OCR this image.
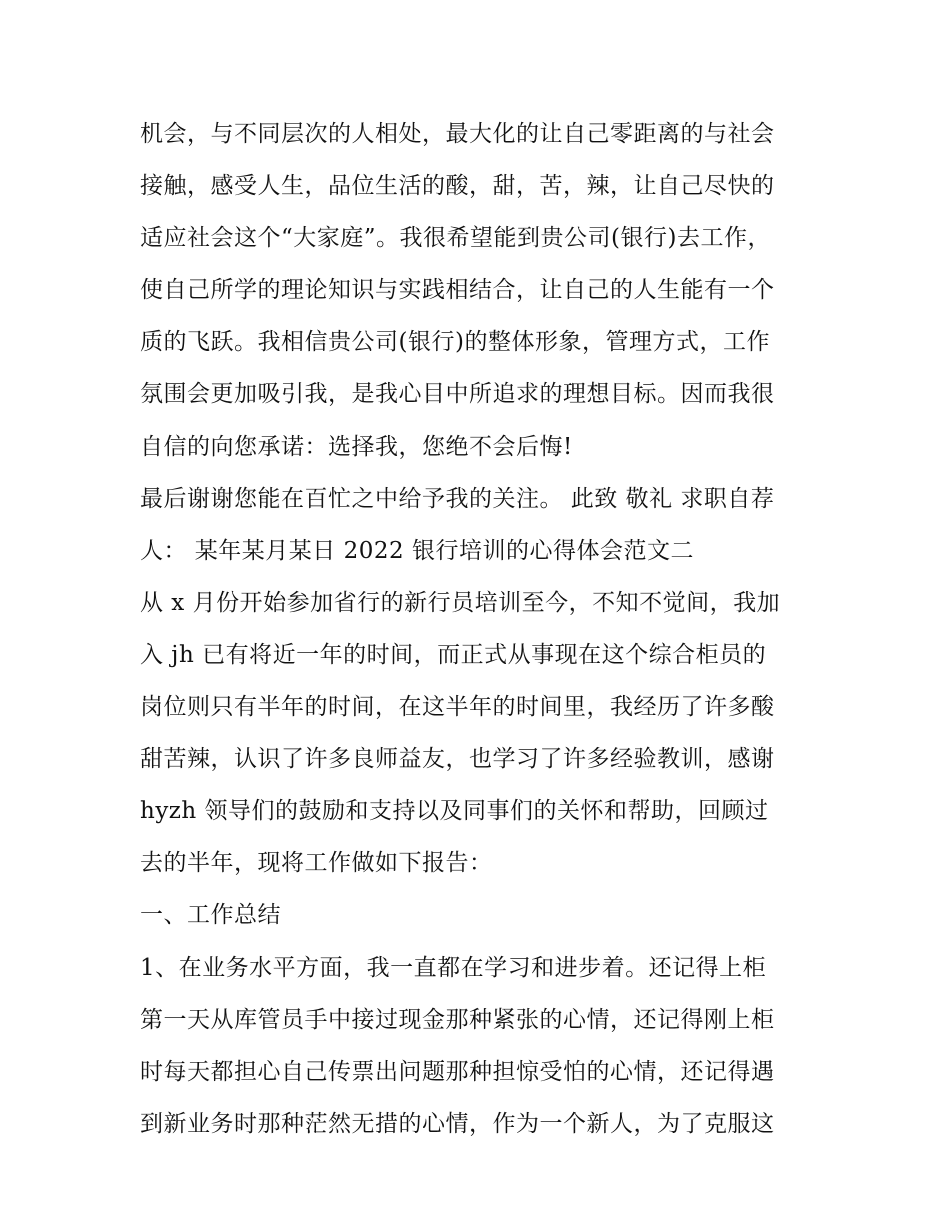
机会，与不同层次的人相处，最大化的让自己零距离的与社会
接触，感受人生，品位生活的酸，甜，苦，辣，让自己尽快的
适应社会这个“大家庭”。我很希望能到贵公司(银行)去工作，
使自己所学的理论知识与实践相结合，让自己的人生能有一个
质的飞跃。我相信贵公司(银行)的整体形象，管理方式，工作
氛围会更加吸引我，是我心目中所追求的理想目标。因而我很
自信的向您承诺：选择我，您绝不会后悔!
最后谢谢您能在百忙之中给予我的关注。 此致 敬礼 求职自荐
人： 某年某月某日 2022 银行培训的心得体会范文二
从 x 月份开始参加省行的新行员培训至今，不知不觉间，我加
入 jh 已有将近一年的时间，而正式从事现在这个综合柜员的
岗位则只有半年的时间，在这半年的时间里，我经历了许多酸
甜苦辣，认识了许多良师益友，也学习了许多经验教训，感谢
hyzh 领导们的鼓励和支持以及同事们的关怀和帮助，回顾过
去的半年，现将工作做如下报告：
一、工作总结
1、在业务水平方面，我一直都在学习和进步着。还记得上柜
第一天从库管员手中接过现金那种紧张的心情，还记得刚上柜
时每天都担心自己传票出问题那种担惊受怕的心情，还记得遇
到新业务时那种茫然无措的心情，作为一个新人，为了克服这
